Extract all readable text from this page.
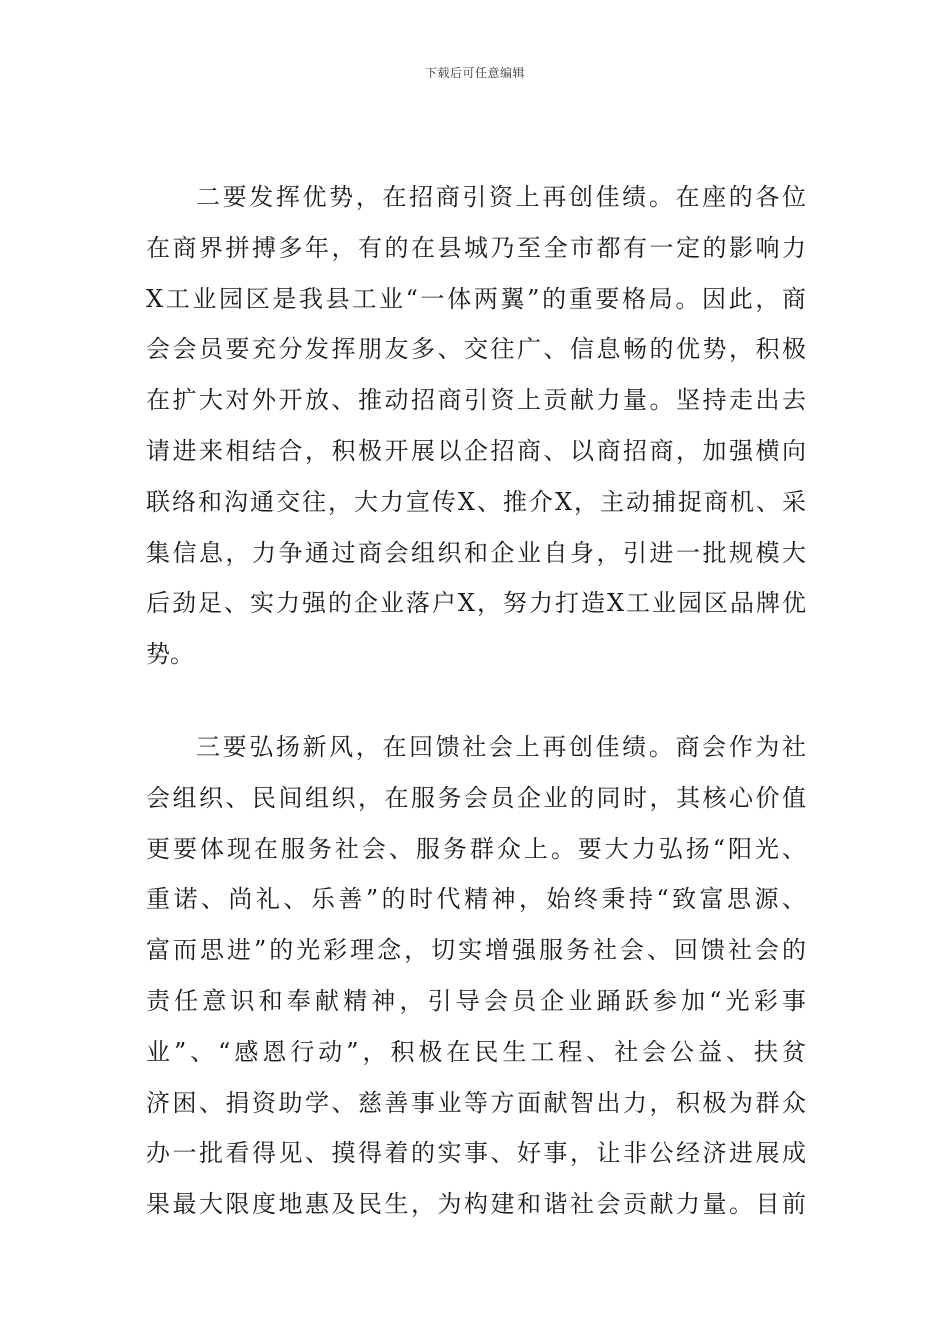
下载后可任意编辑
二要发挥优势，在招商引资上再创佳绩。在座的各位
在商界拼搏多年，有的在县城乃至全市都有一定的影响力
X工业园区是我县工业“一体两翼”的重要格局。因此，商
会会员要充分发挥朋友多、交往广、信息畅的优势，积极
在扩大对外开放、推动招商引资上贡献力量。坚持走出去
请进来相结合，积极开展以企招商、以商招商，加强横向
联络和沟通交往，大力宣传X、推介X，主动捕捉商机、采
集信息，力争通过商会组织和企业自身，引进一批规模大
后劲足、实力强的企业落户X，努力打造X工业园区品牌优
势。
三要弘扬新风，在回馈社会上再创佳绩。商会作为社
会组织、民间组织，在服务会员企业的同时，其核心价值
更要体现在服务社会、服务群众上。要大力弘扬“阳光、
重诺、尚礼、乐善”的时代精神，始终秉持“致富思源、
富而思进”的光彩理念，切实增强服务社会、回馈社会的
责任意识和奉献精神，引导会员企业踊跃参加“光彩事
业”、“感恩行动”，积极在民生工程、社会公益、扶贫
济困、捐资助学、慈善事业等方面献智出力，积极为群众
办一批看得见、摸得着的实事、好事，让非公经济进展成
果最大限度地惠及民生，为构建和谐社会贡献力量。目前
